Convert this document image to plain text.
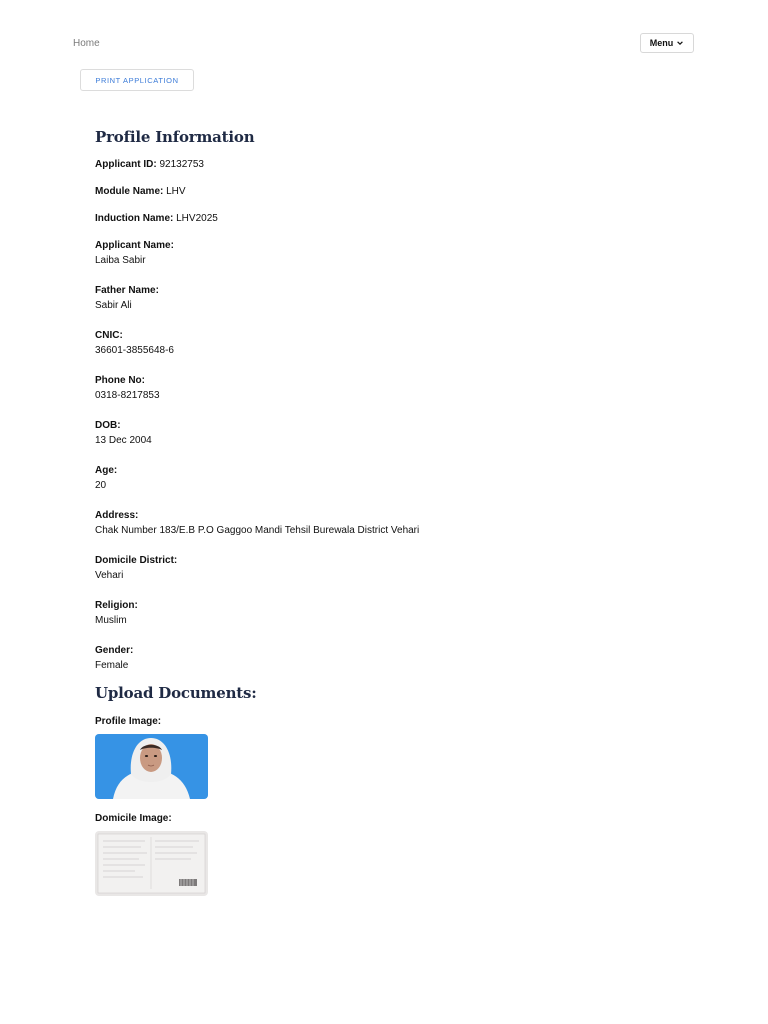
Home	Menu
PRINT APPLICATION
Profile Information
Applicant ID: 92132753
Module Name: LHV
Induction Name: LHV2025
Applicant Name:
Laiba Sabir
Father Name:
Sabir Ali
CNIC:
36601-3855648-6
Phone No:
0318-8217853
DOB:
13 Dec 2004
Age:
20
Address:
Chak Number 183/E.B P.O Gaggoo Mandi Tehsil Burewala District Vehari
Domicile District:
Vehari
Religion:
Muslim
Gender:
Female
Upload Documents:
Profile Image:
Domicile Image:
